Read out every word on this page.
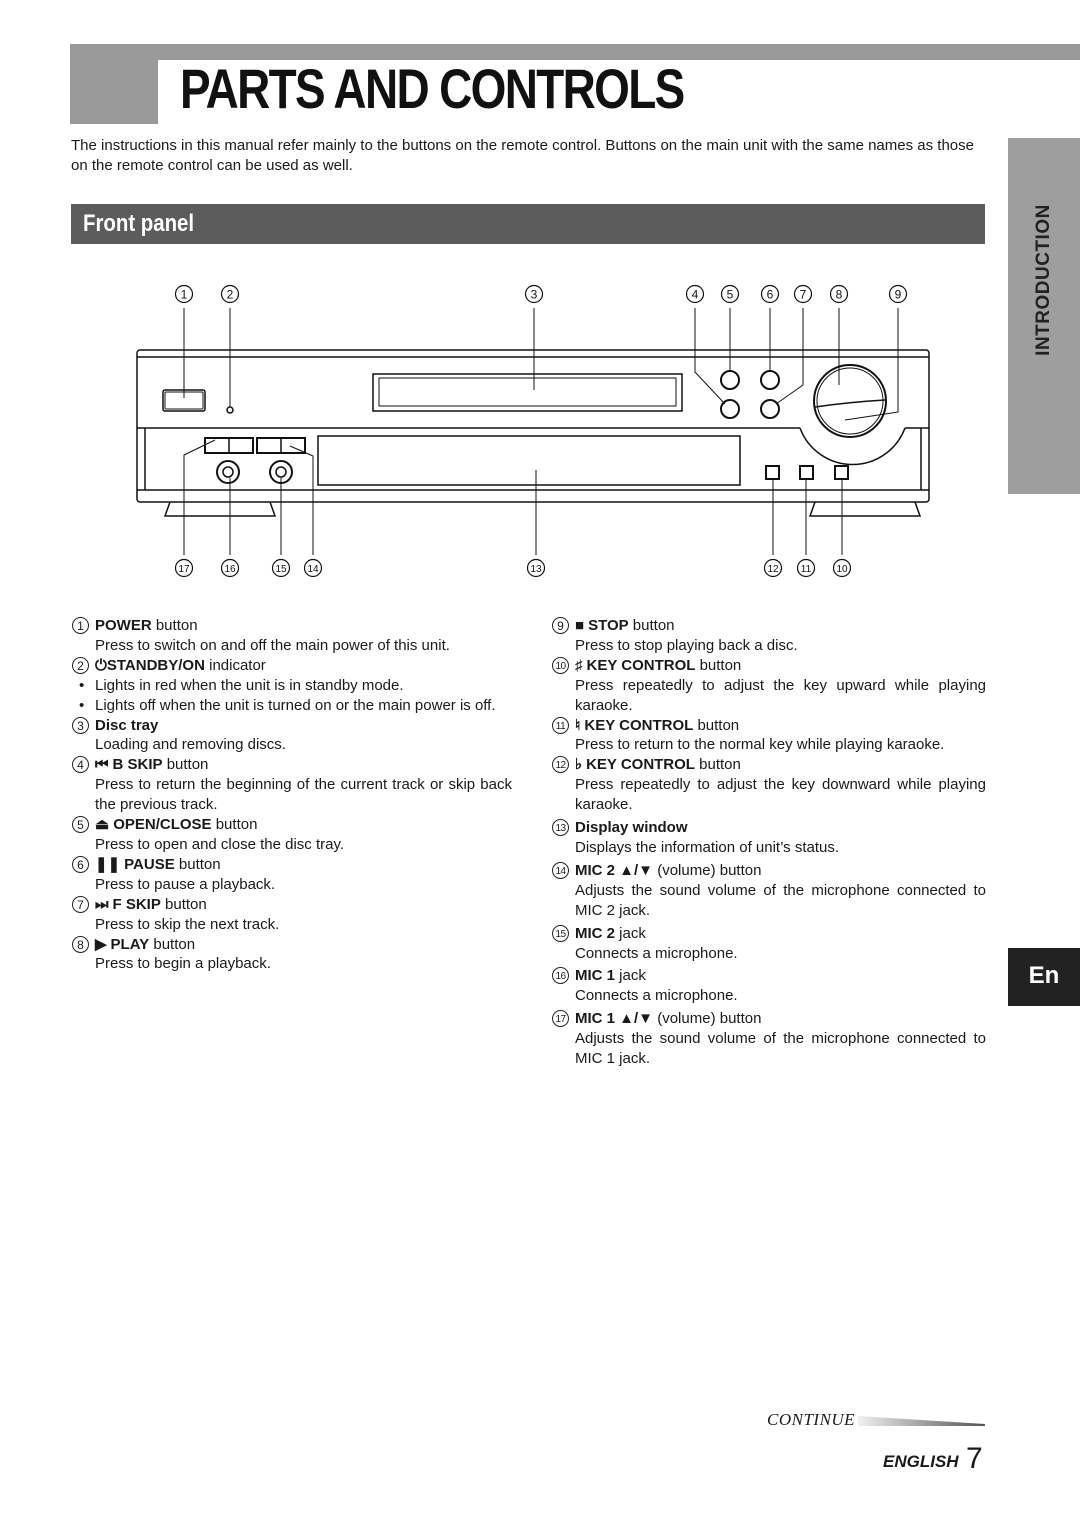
PARTS AND CONTROLS

The instructions in this manual refer mainly to the buttons on the remote control. Buttons on the main unit with the same names as those on the remote control can be used as well.

Front panel	INTRODUCTION
En
1	2	3	4 5	6 7 8	9
17	16	15 14	13	12 11	10
1 POWER button
Press to switch on and off the main power of this unit.
2 ⏻STANDBY/ON indicator
• Lights in red when the unit is in standby mode.
• Lights off when the unit is turned on or the main power is off.
3 Disc tray
Loading and removing discs.
4 ⏮ B SKIP button
Press to return the beginning of the current track or skip back the previous track.
5 ⏏ OPEN/CLOSE button
Press to open and close the disc tray.
6 ❚❚ PAUSE button
Press to pause a playback.
7 ⏭ F SKIP button
Press to skip the next track.
8 ▶ PLAY button
Press to begin a playback.
9 ■ STOP button
Press to stop playing back a disc.
10 ♯ KEY CONTROL button
Press repeatedly to adjust the key upward while playing karaoke.
11 ♮ KEY CONTROL button
Press to return to the normal key while playing karaoke.
12 ♭ KEY CONTROL button
Press repeatedly to adjust the key downward while playing karaoke.
13 Display window
Displays the information of unit’s status.
14 MIC 2 ▲/▼ (volume) button
Adjusts the sound volume of the microphone connected to MIC 2 jack.
15 MIC 2 jack
Connects a microphone.
16 MIC 1 jack
Connects a microphone.
17 MIC 1 ▲/▼ (volume) button
Adjusts the sound volume of the microphone connected to MIC 1 jack.
CONTINUE
ENGLISH 7
